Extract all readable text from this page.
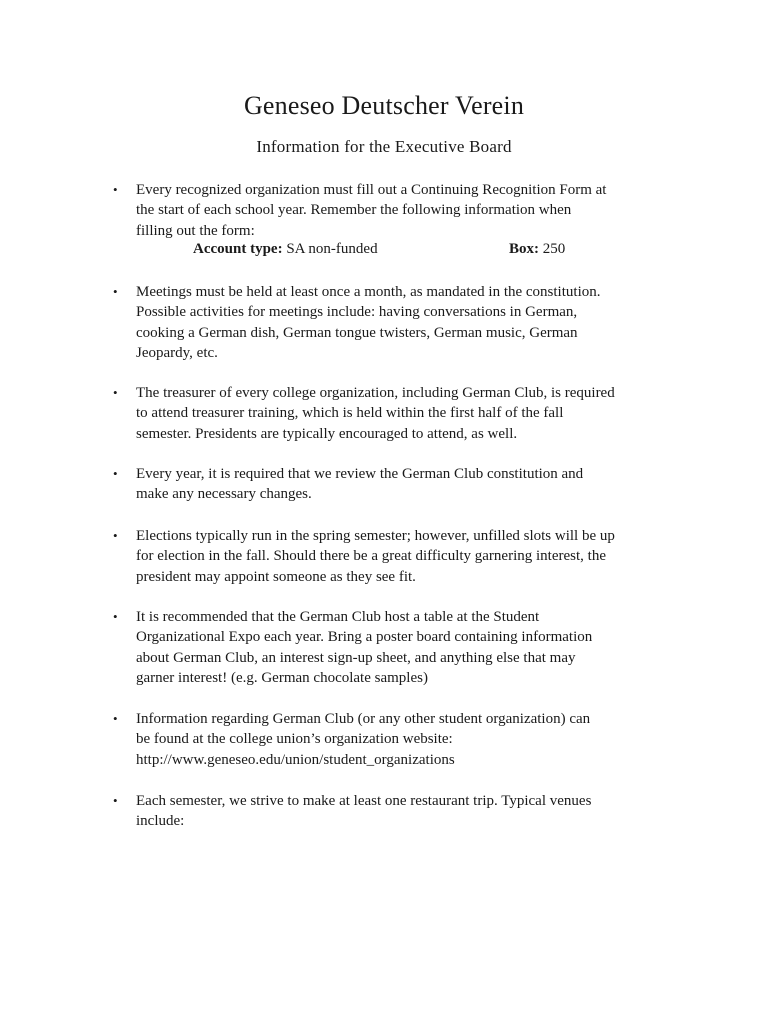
Geneseo Deutscher Verein
Information for the Executive Board
• Every recognized organization must fill out a Continuing Recognition Form at
the start of each school year. Remember the following information when
filling out the form:
Account type: SA non-funded	Box: 250
• Meetings must be held at least once a month, as mandated in the constitution.
Possible activities for meetings include: having conversations in German,
cooking a German dish, German tongue twisters, German music, German
Jeopardy, etc.
• The treasurer of every college organization, including German Club, is required
to attend treasurer training, which is held within the first half of the fall
semester. Presidents are typically encouraged to attend, as well.
• Every year, it is required that we review the German Club constitution and
make any necessary changes.
• Elections typically run in the spring semester; however, unfilled slots will be up
for election in the fall. Should there be a great difficulty garnering interest, the
president may appoint someone as they see fit.
• It is recommended that the German Club host a table at the Student
Organizational Expo each year. Bring a poster board containing information
about German Club, an interest sign-up sheet, and anything else that may
garner interest! (e.g. German chocolate samples)
• Information regarding German Club (or any other student organization) can
be found at the college union’s organization website:
http://www.geneseo.edu/union/student_organizations
• Each semester, we strive to make at least one restaurant trip. Typical venues
include:
